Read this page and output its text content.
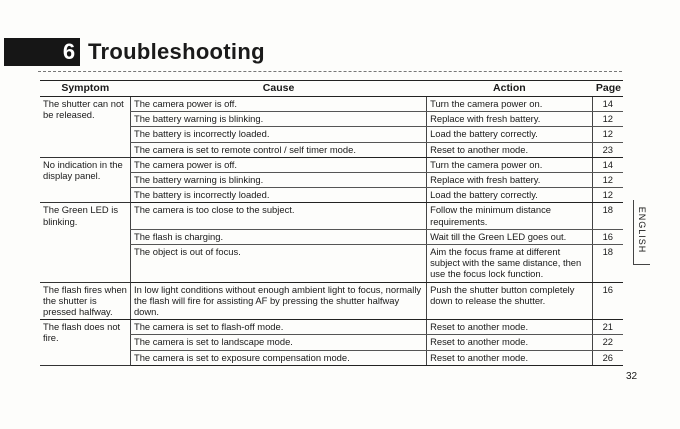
6 Troubleshooting
Symptom	Cause	Action	Page
The shutter can not be released.	The camera power is off.	Turn the camera power on.	14
	The battery warning is blinking.	Replace with fresh battery.	12
	The battery is incorrectly loaded.	Load the battery correctly.	12
	The camera is set to remote control / self timer mode.	Reset to another mode.	23
No indication in the display panel.	The camera power is off.	Turn the camera power on.	14
	The battery warning is blinking.	Replace with fresh battery.	12
	The battery is incorrectly loaded.	Load the battery correctly.	12
The Green LED is blinking.	The camera is too close to the subject.	Follow the minimum distance requirements.	18
	The flash is charging.	Wait till the Green LED goes out.	16
	The object is out of focus.	Aim the focus frame at different subject with the same distance, then use the focus lock function.	18
The flash fires when the shutter is pressed halfway.	In low light conditions without enough ambient light to focus, normally the flash will fire for assisting AF by pressing the shutter halfway down.	Push the shutter button completely down to release the shutter.	16
The flash does not fire.	The camera is set to flash-off mode.	Reset to another mode.	21
	The camera is set to landscape mode.	Reset to another mode.	22
	The camera is set to exposure compensation mode.	Reset to another mode.	26
ENGLISH
32
